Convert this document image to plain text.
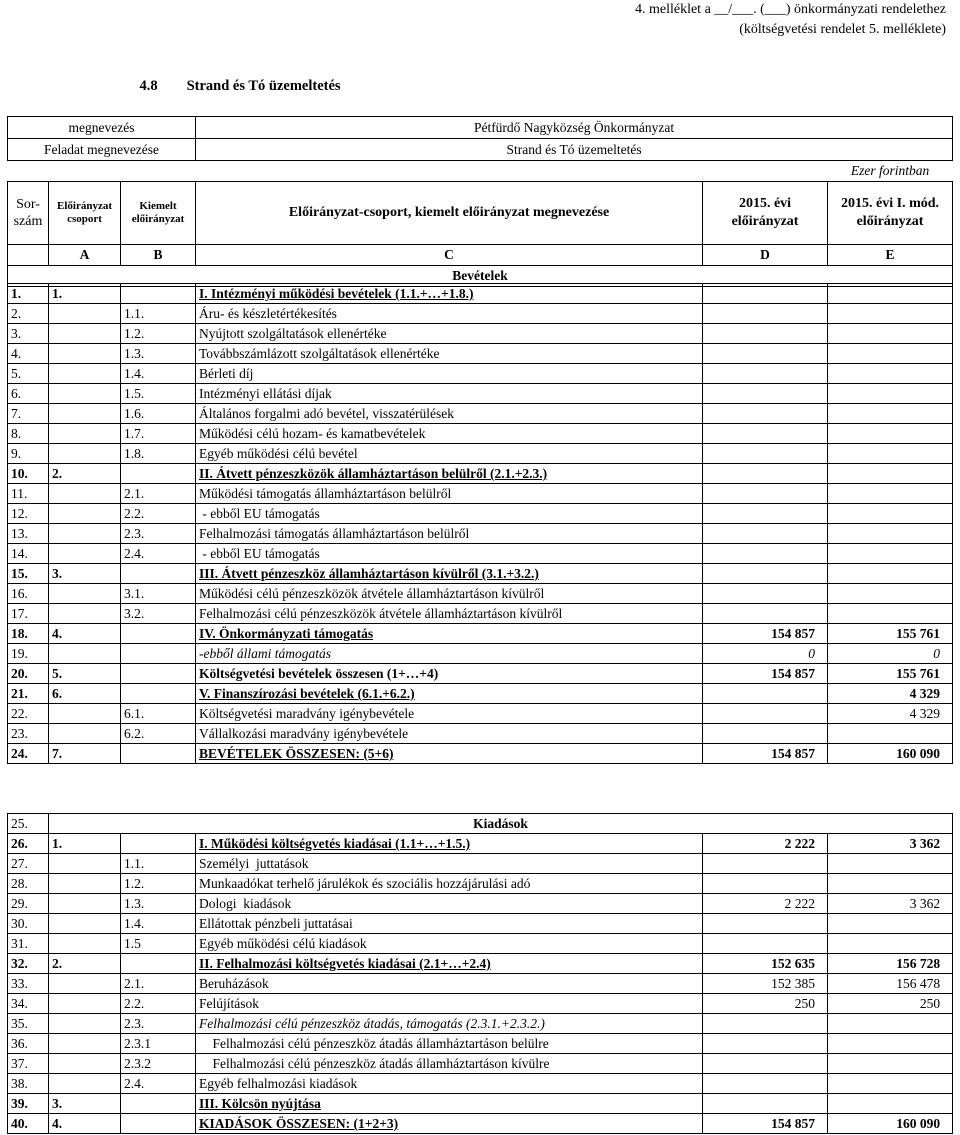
4. melléklet a __/___. (___) önkormányzati rendelethez
(költségvetési rendelet 5. melléklete)
4.8        Strand és Tó üzemeltetés
megnevezés			Pétfürdő Nagyközség Önkormányzat		
Feladat megnevezése			Strand és Tó üzemeltetés		
					Ezer forintban
Sor-szám	Előirányzat csoport	Kiemelt előirányzat	Előirányzat-csoport, kiemelt előirányzat megnevezése	2015. évi előirányzat	2015. évi I. mód. előirányzat
	A	B	C	D	E
Bevételek					
1.	1.		I. Intézményi működési bevételek (1.1.+…+1.8.)		
2.		1.1.	Áru- és készletértékesítés		
3.		1.2.	Nyújtott szolgáltatások ellenértéke		
4.		1.3.	Továbbszámlázott szolgáltatások ellenértéke		
5.		1.4.	Bérleti díj		
6.		1.5.	Intézményi ellátási díjak		
7.		1.6.	Általános forgalmi adó bevétel, visszatérülések		
8.		1.7.	Működési célú hozam- és kamatbevételek		
9.		1.8.	Egyéb működési célú bevétel		
10.	2.		II. Átvett pénzeszközök államháztartáson belülről (2.1.+2.3.)		
11.		2.1.	Működési támogatás államháztartáson belülről		
12.		2.2.	- ebből EU támogatás		
13.		2.3.	Felhalmozási támogatás államháztartáson belülről		
14.		2.4.	- ebből EU támogatás		
15.	3.		III. Átvett pénzeszköz államháztartáson kívülről (3.1.+3.2.)		
16.		3.1.	Működési célú pénzeszközök átvétele államháztartáson kívülről		
17.		3.2.	Felhalmozási célú pénzeszközök átvétele államháztartáson kívülről		
18.	4.		IV. Önkormányzati támogatás	154 857	155 761
19.			-ebből állami támogatás	0	0
20.	5.		Költségvetési bevételek összesen (1+…+4)	154 857	155 761
21.	6.		V. Finanszírozási bevételek (6.1.+6.2.)		4 329
22.		6.1.	Költségvetési maradvány igénybevétele		4 329
23.		6.2.	Vállalkozási maradvány igénybevétele		
24.	7.		BEVÉTELEK ÖSSZESEN: (5+6)	154 857	160 090
25.	Kiadások				
26.	1.		I. Működési költségvetés kiadásai (1.1+…+1.5.)	2 222	3 362
27.		1.1.	Személyi  juttatások		
28.		1.2.	Munkaadókat terhelő járulékok és szociális hozzájárulási adó		
29.		1.3.	Dologi  kiadások	2 222	3 362
30.		1.4.	Ellátottak pénzbeli juttatásai		
31.		1.5	Egyéb működési célú kiadások		
32.	2.		II. Felhalmozási költségvetés kiadásai (2.1+…+2.4)	152 635	156 728
33.		2.1.	Beruházások	152 385	156 478
34.		2.2.	Felújítások	250	250
35.		2.3.	Felhalmozási célú pénzeszköz átadás, támogatás (2.3.1.+2.3.2.)		
36.		2.3.1	Felhalmozási célú pénzeszköz átadás államháztartáson belülre		
37.		2.3.2	Felhalmozási célú pénzeszköz átadás államháztartáson kívülre		
38.		2.4.	Egyéb felhalmozási kiadások		
39.	3.		III. Kölcsön nyújtása		
40.	4.		KIADÁSOK ÖSSZESEN: (1+2+3)	154 857	160 090
